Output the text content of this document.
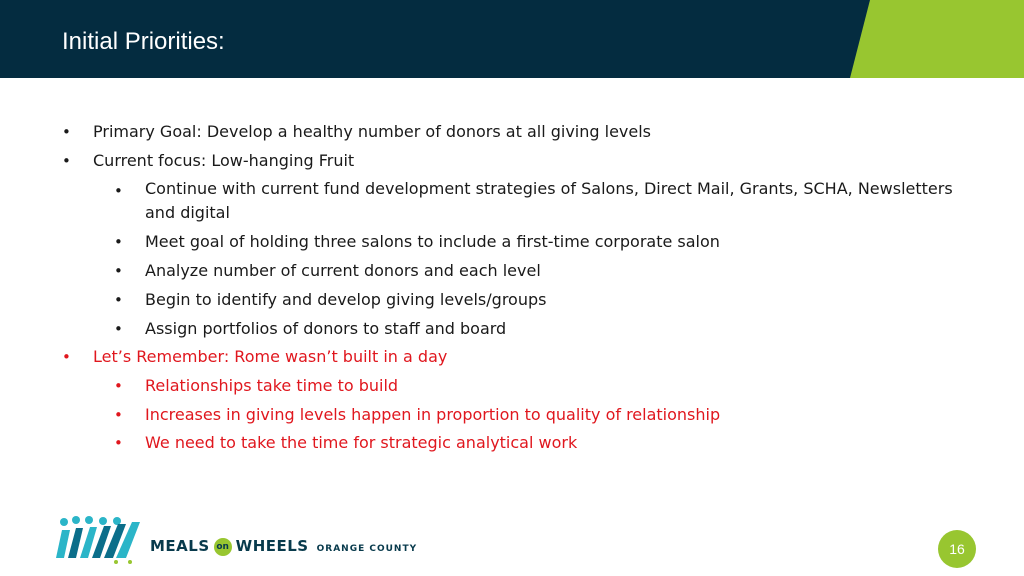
Initial Priorities:
• Primary Goal: Develop a healthy number of donors at all giving levels
• Current focus: Low-hanging Fruit
• Continue with current fund development strategies of Salons, Direct Mail, Grants, SCHA, Newsletters and digital
• Meet goal of holding three salons to include a first-time corporate salon
• Analyze number of current donors and each level
• Begin to identify and develop giving levels/groups
• Assign portfolios of donors to staff and board
• Let’s Remember: Rome wasn’t built in a day
• Relationships take time to build
• Increases in giving levels happen in proportion to quality of relationship
• We need to take the time for strategic analytical work
MEALS on WHEELS ORANGE COUNTY	16
